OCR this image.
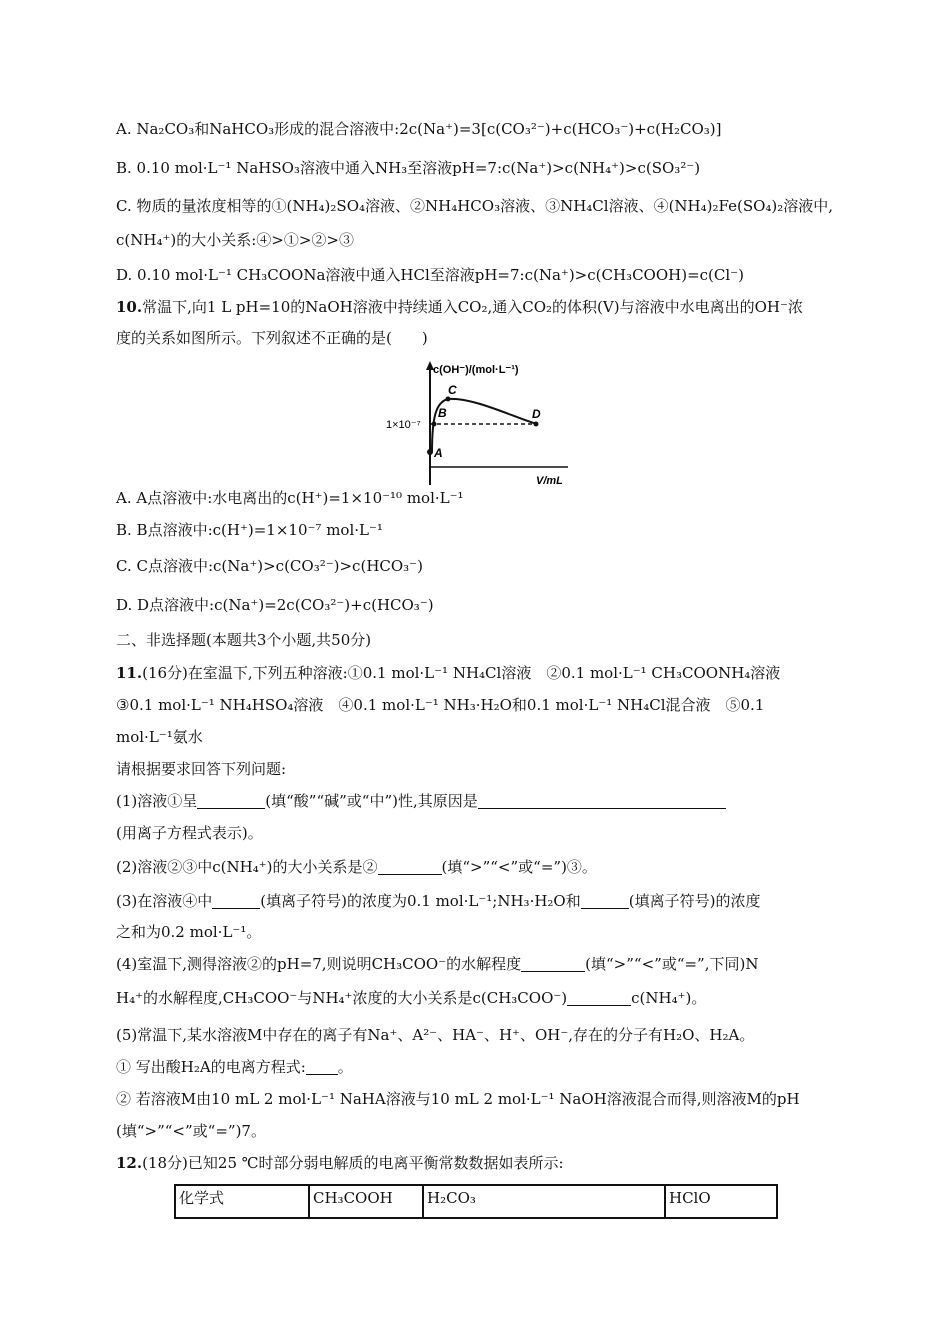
A. Na₂CO₃和NaHCO₃形成的混合溶液中:2c(Na⁺)=3[c(CO₃²⁻)+c(HCO₃⁻)+c(H₂CO₃)]
B. 0.10 mol·L⁻¹ NaHSO₃溶液中通入NH₃至溶液pH=7:c(Na⁺)>c(NH₄⁺)>c(SO₃²⁻)
C. 物质的量浓度相等的①(NH₄)₂SO₄溶液、②NH₄HCO₃溶液、③NH₄Cl溶液、④(NH₄)₂Fe(SO₄)₂溶液中,
c(NH₄⁺)的大小关系:④>①>②>③
D. 0.10 mol·L⁻¹ CH₃COONa溶液中通入HCl至溶液pH=7:c(Na⁺)>c(CH₃COOH)=c(Cl⁻)
10.常温下,向1 L pH=10的NaOH溶液中持续通入CO₂,通入CO₂的体积(V)与溶液中水电离出的OH⁻浓
度的关系如图所示。下列叙述不正确的是(　　)
c(OH⁻)/(mol·L⁻¹)
V/mL
1×10⁻⁷
A
B
C
D
A. A点溶液中:水电离出的c(H⁺)=1×10⁻¹⁰ mol·L⁻¹
B. B点溶液中:c(H⁺)=1×10⁻⁷ mol·L⁻¹
C. C点溶液中:c(Na⁺)>c(CO₃²⁻)>c(HCO₃⁻)
D. D点溶液中:c(Na⁺)=2c(CO₃²⁻)+c(HCO₃⁻)
二、非选择题(本题共3个小题,共50分)
11.(16分)在室温下,下列五种溶液:①0.1 mol·L⁻¹ NH₄Cl溶液　②0.1 mol·L⁻¹ CH₃COONH₄溶液
③0.1 mol·L⁻¹ NH₄HSO₄溶液　④0.1 mol·L⁻¹ NH₃·H₂O和0.1 mol·L⁻¹ NH₄Cl混合液　⑤0.1
mol·L⁻¹氨水
请根据要求回答下列问题:
(1)溶液①呈	(填“酸”“碱”或“中”)性,其原因是
(用离子方程式表示)。
(2)溶液②③中c(NH₄⁺)的大小关系是②	(填“>”“<”或“=”)③。
(3)在溶液④中	(填离子符号)的浓度为0.1 mol·L⁻¹;NH₃·H₂O和	(填离子符号)的浓度
之和为0.2 mol·L⁻¹。
(4)室温下,测得溶液②的pH=7,则说明CH₃COO⁻的水解程度	(填“>”“<”或“=”,下同)N
H₄⁺的水解程度,CH₃COO⁻与NH₄⁺浓度的大小关系是c(CH₃COO⁻)	c(NH₄⁺)。
(5)常温下,某水溶液M中存在的离子有Na⁺、A²⁻、HA⁻、H⁺、OH⁻,存在的分子有H₂O、H₂A。
① 写出酸H₂A的电离方程式: 。
② 若溶液M由10 mL 2 mol·L⁻¹ NaHA溶液与10 mL 2 mol·L⁻¹ NaOH溶液混合而得,则溶液M的pH
(填“>”“<”或“=”)7。
12.(18分)已知25 ℃时部分弱电解质的电离平衡常数数据如表所示:
化学式	CH₃COOH	H₂CO₃	HClO
